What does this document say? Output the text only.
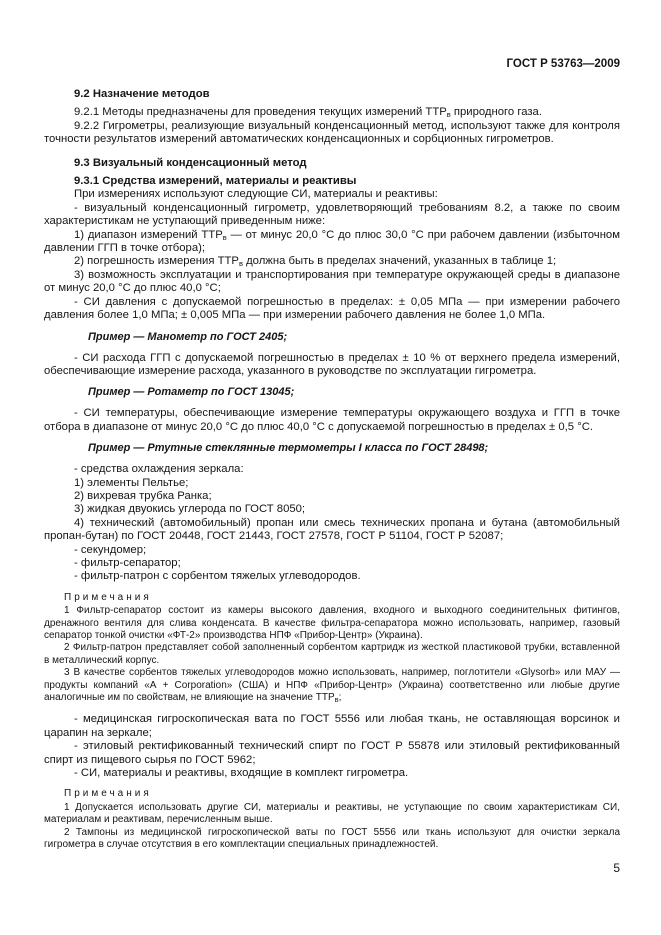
ГОСТ Р 53763—2009
9.2 Назначение методов

9.2.1 Методы предназначены для проведения текущих измерений $ТТР_в$ природного газа.

9.2.2 Гигрометры, реализующие визуальный конденсационный метод, используют также для контроля точности результатов измерений автоматических конденсационных и сорбционных гигрометров.

9.3 Визуальный конденсационный метод
9.3.1 Средства измерений, материалы и реактивы

При измерениях используют следующие СИ, материалы и реактивы:

- визуальный конденсационный гигрометр, удовлетворяющий требованиям 8.2, а также по своим характеристикам не уступающий приведенным ниже:

1) диапазон измерений $ТТР_в$ — от минус 20,0 °С до плюс 30,0 °С при рабочем давлении (избыточном давлении ГГП в точке отбора);

2) погрешность измерения $ТТР_в$ должна быть в пределах значений, указанных в таблице 1;

3) возможность эксплуатации и транспортирования при температуре окружающей среды в диапазоне от минус 20,0 °С до плюс 40,0 °С;

- СИ давления с допускаемой погрешностью в пределах: ± 0,05 МПа — при измерении рабочего давления более 1,0 МПа; ± 0,005 МПа — при измерении рабочего давления не более 1,0 МПа.

Пример — Манометр по ГОСТ 2405;

- СИ расхода ГГП с допускаемой погрешностью в пределах ± 10 % от верхнего предела измерений, обеспечивающие измерение расхода, указанного в руководстве по эксплуатации гигрометра.

Пример — Ротаметр по ГОСТ 13045;

- СИ температуры, обеспечивающие измерение температуры окружающего воздуха и ГГП в точке отбора в диапазоне от минус 20,0 °С до плюс 40,0 °С с допускаемой погрешностью в пределах ± 0,5 °С.

Пример — Ртутные стеклянные термометры I класса по ГОСТ 28498;

- средства охлаждения зеркала:

1) элементы Пельтье;

2) вихревая трубка Ранка;

3) жидкая двуокись углерода по ГОСТ 8050;

4) технический (автомобильный) пропан или смесь технических пропана и бутана (автомобильный пропан-бутан) по ГОСТ 20448, ГОСТ 21443, ГОСТ 27578, ГОСТ Р 51104, ГОСТ Р 52087;

- секундомер;

- фильтр-сепаратор;

- фильтр-патрон с сорбентом тяжелых углеводородов.

Примечания

1 Фильтр-сепаратор состоит из камеры высокого давления, входного и выходного соединительных фитингов, дренажного вентиля для слива конденсата. В качестве фильтра-сепаратора можно использовать, например, газовый сепаратор тонкой очистки «ФТ-2» производства НПФ «Прибор-Центр» (Украина).

2 Фильтр-патрон представляет собой заполненный сорбентом картридж из жесткой пластиковой трубки, вставленной в металлический корпус.

3 В качестве сорбентов тяжелых углеводородов можно использовать, например, поглотители «Glysorb» или МАУ — продукты компаний «А + Corporation» (США) и НПФ «Прибор-Центр» (Украина) соответственно или любые другие аналогичные им по свойствам, не влияющие на значение $ТТР_в$;

- медицинская гигроскопическая вата по ГОСТ 5556 или любая ткань, не оставляющая ворсинок и царапин на зеркале;

- этиловый ректификованный технический спирт по ГОСТ Р 55878 или этиловый ректификованный спирт из пищевого сырья по ГОСТ 5962;

- СИ, материалы и реактивы, входящие в комплект гигрометра.

Примечания

1 Допускается использовать другие СИ, материалы и реактивы, не уступающие по своим характеристикам СИ, материалам и реактивам, перечисленным выше.

2 Тампоны из медицинской гигроскопической ваты по ГОСТ 5556 или ткань используют для очистки зеркала гигрометра в случае отсутствия в его комплектации специальных принадлежностей.

5
